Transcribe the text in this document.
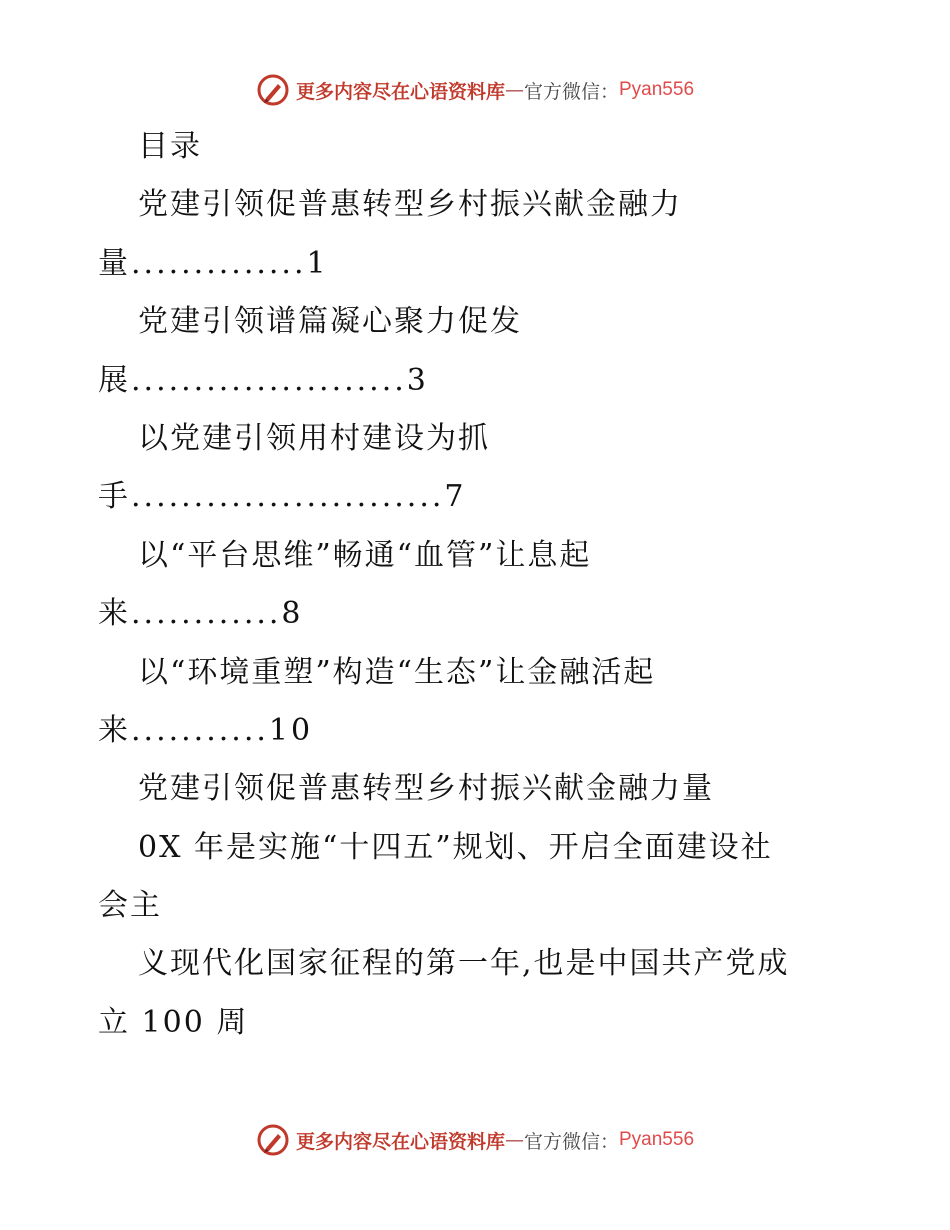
更多内容尽在心语资料库 — 官方微信： Pyan556
目录
党建引领促普惠转型乡村振兴献金融力
量..............1
党建引领谱篇凝心聚力促发
展......................3
以党建引领用村建设为抓
手.........................7
以“平台思维”畅通“血管”让息起
来............8
以“环境重塑”构造“生态”让金融活起
来...........10
党建引领促普惠转型乡村振兴献金融力量
0X 年是实施“十四五”规划、开启全面建设社
会主
义现代化国家征程的第一年,也是中国共产党成
立 100 周
更多内容尽在心语资料库 — 官方微信： Pyan556
